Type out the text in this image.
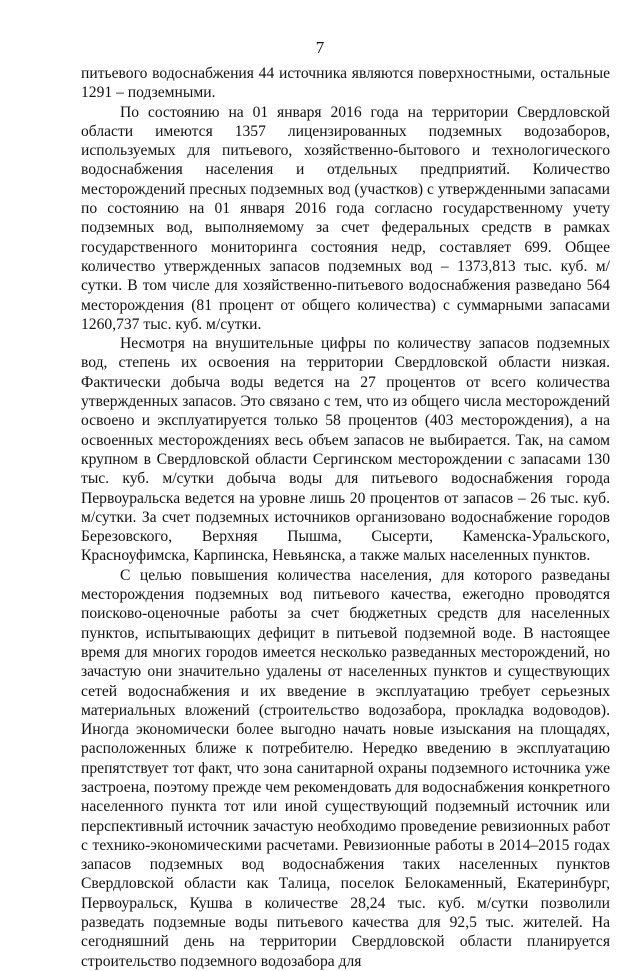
7

питьевого водоснабжения 44 источника являются поверхностными, остальные 1291 – подземными.

По состоянию на 01 января 2016 года на территории Свердловской области имеются 1357 лицензированных подземных водозаборов, используемых для питьевого, хозяйственно-бытового и технологического водоснабжения населения и отдельных предприятий. Количество месторождений пресных подземных вод (участков) с утвержденными запасами по состоянию на 01 января 2016 года согласно государственному учету подземных вод, выполняемому за счет федеральных средств в рамках государственного мониторинга состояния недр, составляет 699. Общее количество утвержденных запасов подземных вод – 1373,813 тыс. куб. м/сутки. В том числе для хозяйственно-питьевого водоснабжения разведано 564 месторождения (81 процент от общего количества) с суммарными запасами 1260,737 тыс. куб. м/сутки.

Несмотря на внушительные цифры по количеству запасов подземных вод, степень их освоения на территории Свердловской области низкая. Фактически добыча воды ведется на 27 процентов от всего количества утвержденных запасов. Это связано с тем, что из общего числа месторождений освоено и эксплуатируется только 58 процентов (403 месторождения), а на освоенных месторождениях весь объем запасов не выбирается. Так, на самом крупном в Свердловской области Сергинском месторождении с запасами 130 тыс. куб. м/сутки добыча воды для питьевого водоснабжения города Первоуральска ведется на уровне лишь 20 процентов от запасов – 26 тыс. куб. м/сутки. За счет подземных источников организовано водоснабжение городов Березовского, Верхняя Пышма, Сысерти, Каменска-Уральского, Красноуфимска, Карпинска, Невьянска, а также малых населенных пунктов.

С целью повышения количества населения, для которого разведаны месторождения подземных вод питьевого качества, ежегодно проводятся поисково-оценочные работы за счет бюджетных средств для населенных пунктов, испытывающих дефицит в питьевой подземной воде. В настоящее время для многих городов имеется несколько разведанных месторождений, но зачастую они значительно удалены от населенных пунктов и существующих сетей водоснабжения и их введение в эксплуатацию требует серьезных материальных вложений (строительство водозабора, прокладка водоводов). Иногда экономически более выгодно начать новые изыскания на площадях, расположенных ближе к потребителю. Нередко введению в эксплуатацию препятствует тот факт, что зона санитарной охраны подземного источника уже застроена, поэтому прежде чем рекомендовать для водоснабжения конкретного населенного пункта тот или иной существующий подземный источник или перспективный источник зачастую необходимо проведение ревизионных работ с технико-экономическими расчетами. Ревизионные работы в 2014–2015 годах запасов подземных вод водоснабжения таких населенных пунктов Свердловской области как Талица, поселок Белокаменный, Екатеринбург, Первоуральск, Кушва в количестве 28,24 тыс. куб. м/сутки позволили разведать подземные воды питьевого качества для 92,5 тыс. жителей. На сегодняшний день на территории Свердловской области планируется строительство подземного водозабора для
